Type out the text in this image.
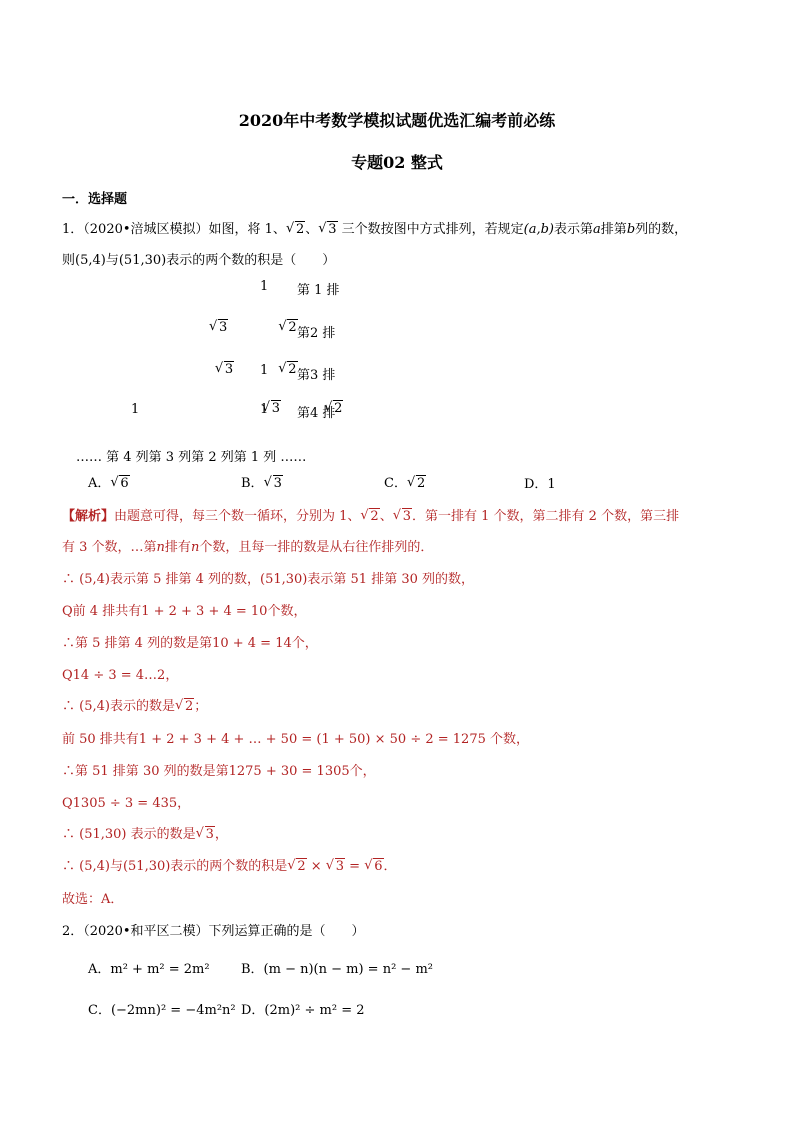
2020年中考数学模拟试题优选汇编考前必练
专题02 整式
一．选择题
1．（2020•涪城区模拟）如图，将 1、 √ 2、 √ 3 三个数按图中方式排列，若规定(a,b)表示第a排第b列的数，
则(5,4)与(51,30)表示的两个数的积是（　　）
1 第 1 排
√ 3	√ 2 第2 排
√ 3	√ 2
1 第3 排
1	√ 3	√ 2
1 第4 排
…… 第 4 列第 3 列第 2 列第 1 列 ……
A． √ 6	B． √ 3	C． √ 2	D．1
【解析】由题意可得，每三个数一循环，分别为 1、 √ 2、 √ 3．第一排有 1 个数，第二排有 2 个数，第三排
有 3 个数，…第n排有n个数，且每一排的数是从右往作排列的．
∴ (5,4)表示第 5 排第 4 列的数，(51,30)表示第 51 排第 30 列的数，
Q前 4 排共有1 + 2 + 3 + 4 = 10个数，
∴第 5 排第 4 列的数是第10 + 4 = 14个，
Q14 ÷ 3 = 4…2，
∴ (5,4)表示的数是 √ 2；
前 50 排共有1 + 2 + 3 + 4 + … + 50 = (1 + 50) × 50 ÷ 2 = 1275 个数，
∴第 51 排第 30 列的数是第1275 + 30 = 1305个，
Q1305 ÷ 3 = 435，
∴ (51,30) 表示的数是 √ 3，
∴ (5,4)与(51,30)表示的两个数的积是 √ 2 × √ 3 = √ 6．
故选：A．
2．（2020•和平区二模）下列运算正确的是（　　）
A．m² + m² = 2m² B．(m − n)(n − m) = n² − m²
C．(−2mn)² = −4m²n² D．(2m)² ÷ m² = 2
